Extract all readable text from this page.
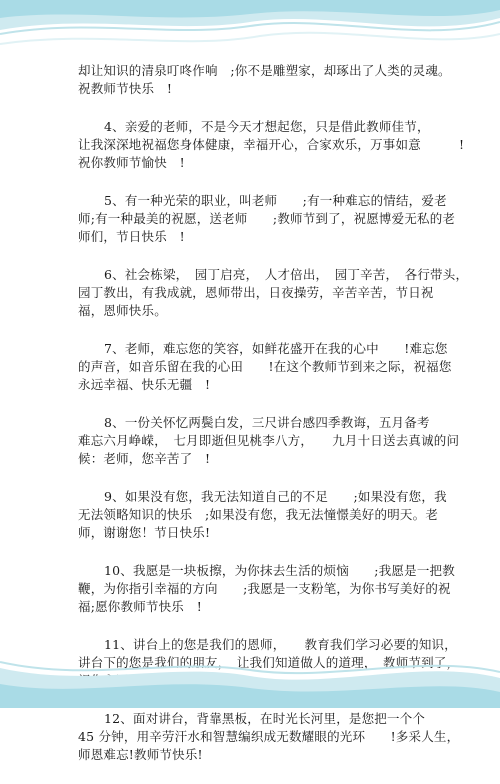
却让知识的清泉叮咚作响　;你不是雕塑家，却琢出了人类的灵魂。
祝教师节快乐　!
4、亲爱的老师，不是今天才想起您，只是借此教师佳节，
让我深深地祝福您身体健康，幸福开心，合家欢乐，万事如意　　　!
祝你教师节愉快　!
5、有一种光荣的职业，叫老师　　;有一种难忘的情结，爱老
师;有一种最美的祝愿，送老师　　;教师节到了，祝愿博爱无私的老
师们，节日快乐　!
6、社会栋梁，　园丁启亮，　人才倍出，　园丁辛苦，　各行带头，
园丁教出，有我成就，恩师带出，日夜操劳，辛苦辛苦，节日祝
福，恩师快乐。
7、老师，难忘您的笑容，如鲜花盛开在我的心中　　!难忘您
的声音，如音乐留在我的心田　　!在这个教师节到来之际，祝福您
永远幸福、快乐无疆　!
8、一份关怀忆两鬓白发，三尺讲台感四季教诲，五月备考
难忘六月峥嵘，　七月即逝但见桃李八方，　　九月十日送去真诚的问
候：老师，您辛苦了　!
9、如果没有您，我无法知道自己的不足　　;如果没有您，我
无法领略知识的快乐　;如果没有您，我无法憧憬美好的明天。老
师，谢谢您！节日快乐!
10、我愿是一块板擦，为你抹去生活的烦恼　　;我愿是一把教
鞭，为你指引幸福的方向　　;我愿是一支粉笔，为你书写美好的祝
福;愿你教师节快乐　!
11、讲台上的您是我们的恩师，　　教育我们学习必要的知识，
讲台下的您是我们的朋友，　让我们知道做人的道理，　教师节到了，
12、面对讲台，背靠黑板，在时光长河里，是您把一个个
45 分钟，用辛劳汗水和智慧编织成无数耀眼的光环　　!多采人生，
师恩难忘!教师节快乐!
